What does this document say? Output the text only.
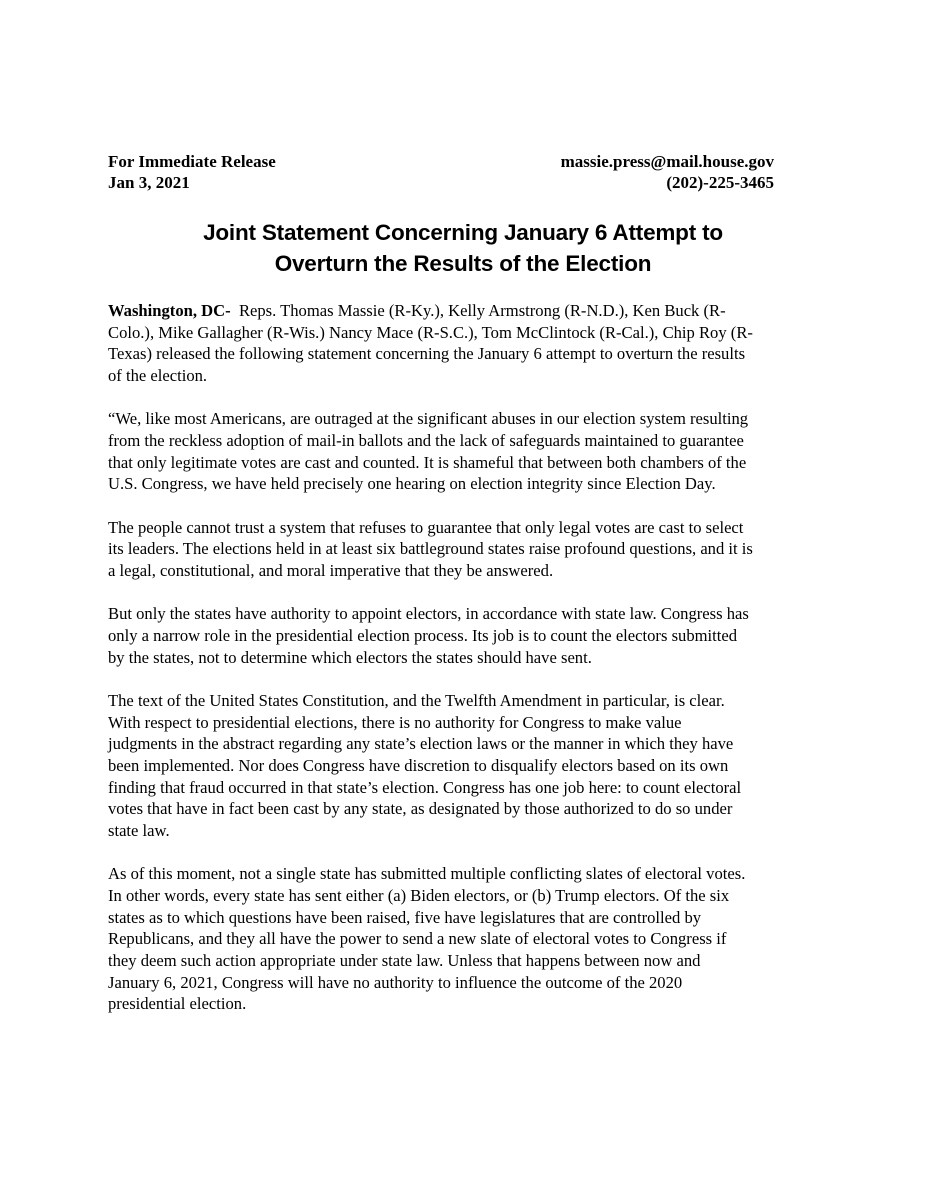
For Immediate Release	massie.press@mail.house.gov
Jan 3, 2021	(202)-225-3465
Joint Statement Concerning January 6 Attempt to
Overturn the Results of the Election
Washington, DC-  Reps. Thomas Massie (R-Ky.), Kelly Armstrong (R-N.D.), Ken Buck (R-
Colo.), Mike Gallagher (R-Wis.) Nancy Mace (R-S.C.), Tom McClintock (R-Cal.), Chip Roy (R-
Texas) released the following statement concerning the January 6 attempt to overturn the results
of the election.
“We, like most Americans, are outraged at the significant abuses in our election system resulting
from the reckless adoption of mail-in ballots and the lack of safeguards maintained to guarantee
that only legitimate votes are cast and counted. It is shameful that between both chambers of the
U.S. Congress, we have held precisely one hearing on election integrity since Election Day.
The people cannot trust a system that refuses to guarantee that only legal votes are cast to select
its leaders. The elections held in at least six battleground states raise profound questions, and it is
a legal, constitutional, and moral imperative that they be answered.
But only the states have authority to appoint electors, in accordance with state law. Congress has
only a narrow role in the presidential election process. Its job is to count the electors submitted
by the states, not to determine which electors the states should have sent.
The text of the United States Constitution, and the Twelfth Amendment in particular, is clear.
With respect to presidential elections, there is no authority for Congress to make value
judgments in the abstract regarding any state’s election laws or the manner in which they have
been implemented. Nor does Congress have discretion to disqualify electors based on its own
finding that fraud occurred in that state’s election. Congress has one job here: to count electoral
votes that have in fact been cast by any state, as designated by those authorized to do so under
state law.
As of this moment, not a single state has submitted multiple conflicting slates of electoral votes.
In other words, every state has sent either (a) Biden electors, or (b) Trump electors. Of the six
states as to which questions have been raised, five have legislatures that are controlled by
Republicans, and they all have the power to send a new slate of electoral votes to Congress if
they deem such action appropriate under state law. Unless that happens between now and
January 6, 2021, Congress will have no authority to influence the outcome of the 2020
presidential election.
